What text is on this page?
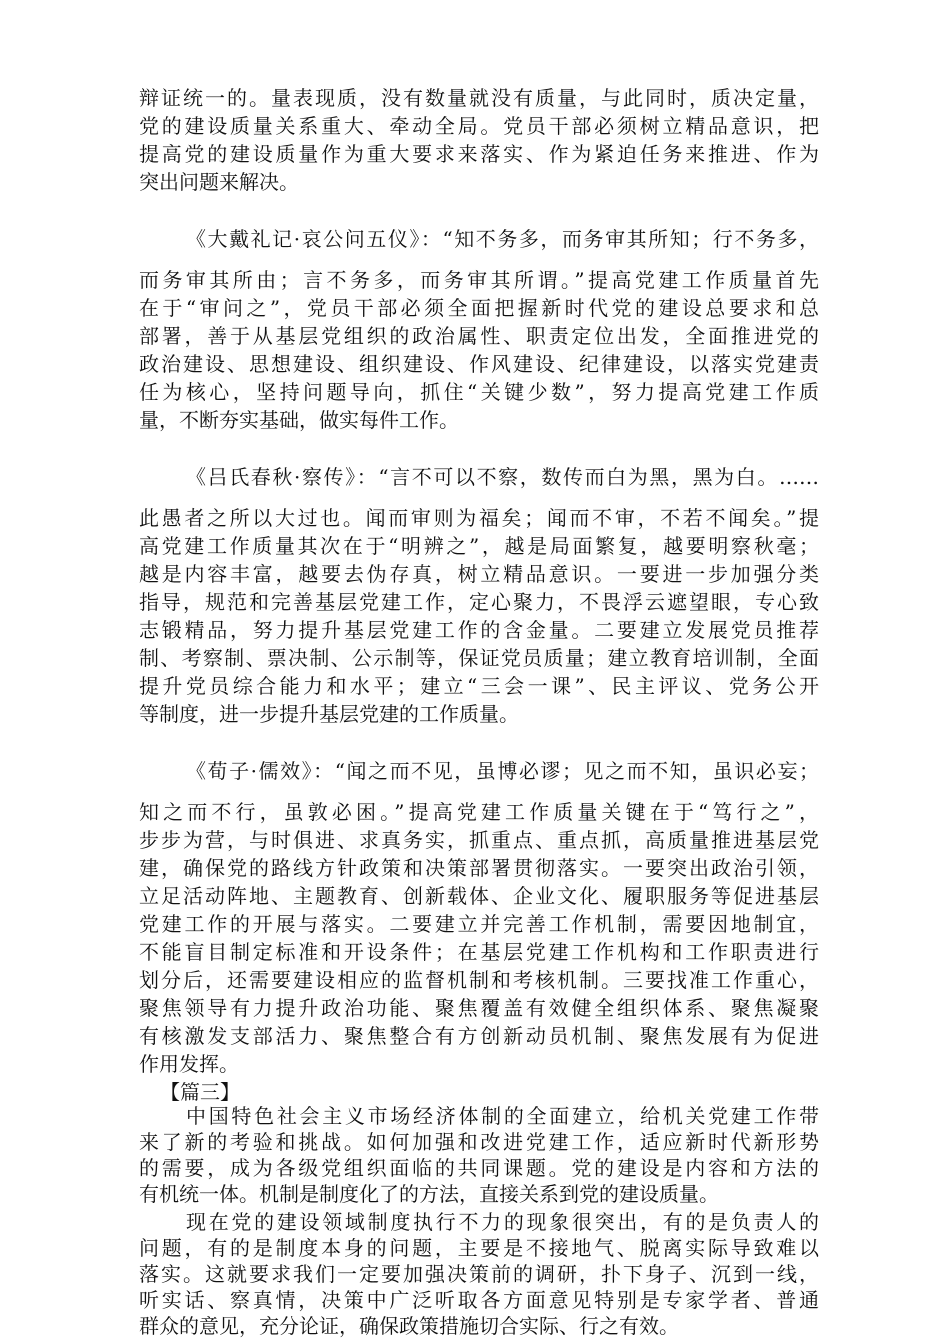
辩证统一的。量表现质，没有数量就没有质量，与此同时，质决定量，
党的建设质量关系重大、牵动全局。党员干部必须树立精品意识，把
提高党的建设质量作为重大要求来落实、作为紧迫任务来推进、作为
突出问题来解决。
《大戴礼记·哀公问五仪》：“知不务多，而务审其所知；行不务多，
而务审其所由；言不务多，而务审其所谓。”提高党建工作质量首先
在于“审问之”，党员干部必须全面把握新时代党的建设总要求和总
部署，善于从基层党组织的政治属性、职责定位出发，全面推进党的
政治建设、思想建设、组织建设、作风建设、纪律建设，以落实党建责
任为核心，坚持问题导向，抓住“关键少数”，努力提高党建工作质
量，不断夯实基础，做实每件工作。
《吕氏春秋·察传》：“言不可以不察，数传而白为黑，黑为白。……
此愚者之所以大过也。闻而审则为福矣；闻而不审，不若不闻矣。”提
高党建工作质量其次在于“明辨之”，越是局面繁复，越要明察秋毫；
越是内容丰富，越要去伪存真，树立精品意识。一要进一步加强分类
指导，规范和完善基层党建工作，定心聚力，不畏浮云遮望眼，专心致
志锻精品，努力提升基层党建工作的含金量。二要建立发展党员推荐
制、考察制、票决制、公示制等，保证党员质量；建立教育培训制，全面
提升党员综合能力和水平；建立“三会一课”、民主评议、党务公开
等制度，进一步提升基层党建的工作质量。
《荀子·儒效》：“闻之而不见，虽博必谬；见之而不知，虽识必妄；
知之而不行，虽敦必困。”提高党建工作质量关键在于“笃行之”，
步步为营，与时俱进、求真务实，抓重点、重点抓，高质量推进基层党
建，确保党的路线方针政策和决策部署贯彻落实。一要突出政治引领，
立足活动阵地、主题教育、创新载体、企业文化、履职服务等促进基层
党建工作的开展与落实。二要建立并完善工作机制，需要因地制宜，
不能盲目制定标准和开设条件；在基层党建工作机构和工作职责进行
划分后，还需要建设相应的监督机制和考核机制。三要找准工作重心，
聚焦领导有力提升政治功能、聚焦覆盖有效健全组织体系、聚焦凝聚
有核激发支部活力、聚焦整合有方创新动员机制、聚焦发展有为促进
作用发挥。
【篇三】
中国特色社会主义市场经济体制的全面建立，给机关党建工作带
来了新的考验和挑战。如何加强和改进党建工作，适应新时代新形势
的需要，成为各级党组织面临的共同课题。党的建设是内容和方法的
有机统一体。机制是制度化了的方法，直接关系到党的建设质量。
现在党的建设领域制度执行不力的现象很突出，有的是负责人的
问题，有的是制度本身的问题，主要是不接地气、脱离实际导致难以
落实。这就要求我们一定要加强决策前的调研，扑下身子、沉到一线，
听实话、察真情，决策中广泛听取各方面意见特别是专家学者、普通
群众的意见，充分论证，确保政策措施切合实际、行之有效。
